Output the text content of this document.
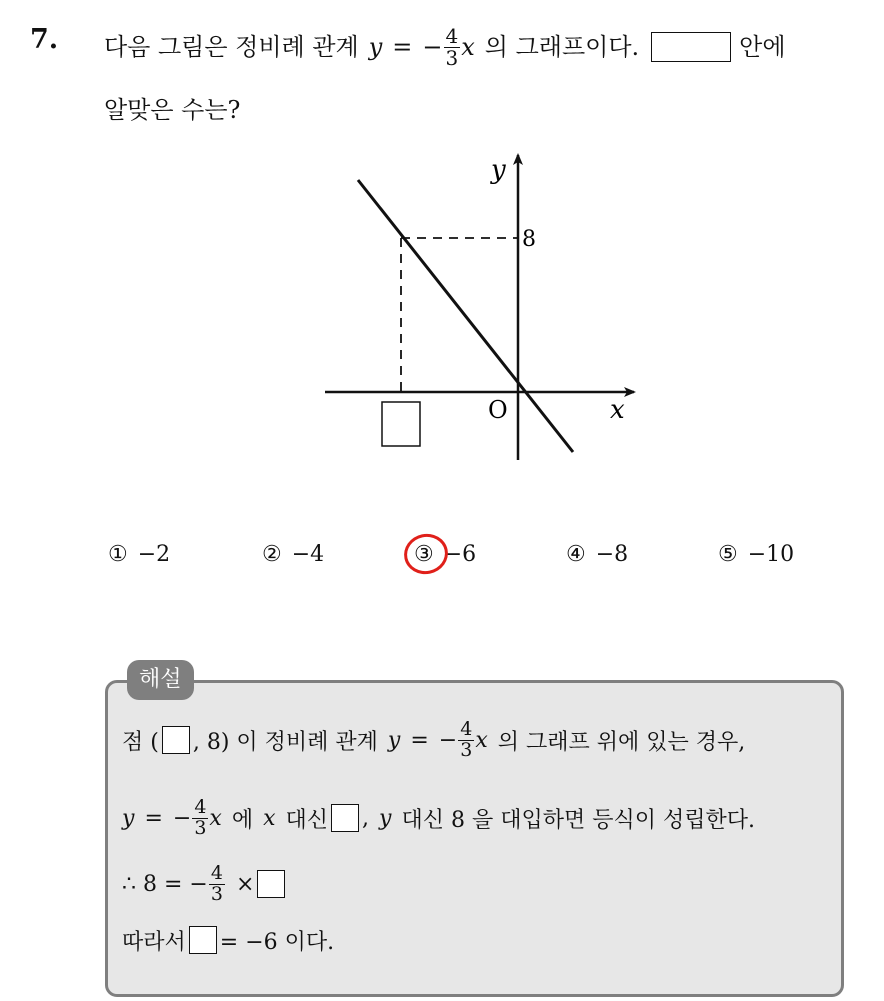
7. 다음 그림은 정비례 관계 y = − $\frac{4}{3}$ x 의 그래프이다.	안에
알맞은 수는?
y
8
O	x
① −2	② −4	③ −6	④ −8	⑤ −10
해설
점 ( , 8) 이 정비례 관계 y = − $\frac{4}{3}$ x 의 그래프 위에 있는 경우,
y = − $\frac{4}{3}$ x 에 x 대신 , y 대신 8 을 대입하면 등식이 성립한다.
∴ 8 = − $\frac{4}{3}$ ×
따라서 = −6 이다.
